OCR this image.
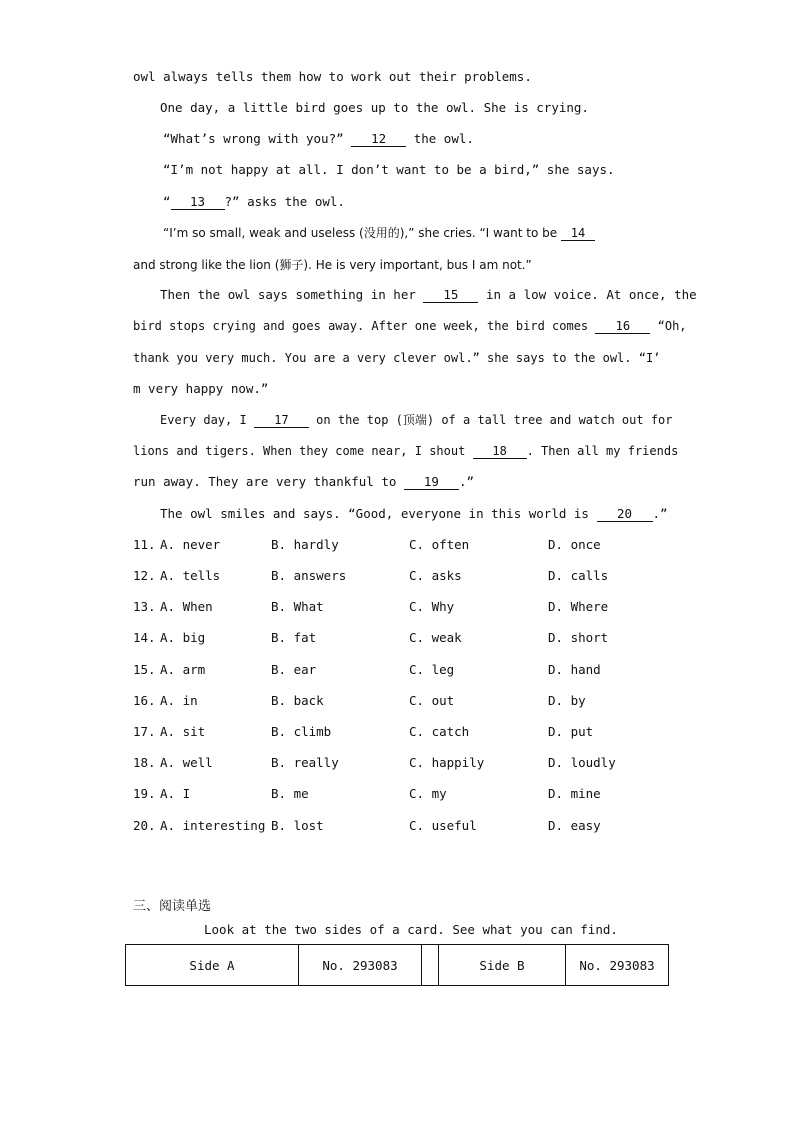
owl always tells them how to work out their problems.
One day, a little bird goes up to the owl. She is crying.
“What’s wrong with you?” 12 the owl.
“I’m not happy at all. I don’t want to be a bird,” she says.
“ 13 ?” asks the owl.
“I’m so small, weak and useless (没用的),” she cries. “I want to be 14
and strong like the lion (狮子). He is very important, bus I am not.”
Then the owl says something in her 15 in a low voice. At once, the
bird stops crying and goes away. After one week, the bird comes 16 “Oh,
thank you very much. You are a very clever owl.” she says to the owl. “I’
m very happy now.”
Every day, I 17 on the top (顶端) of a tall tree and watch out for
lions and tigers. When they come near, I shout 18 . Then all my friends
run away. They are very thankful to 19 .”
The owl smiles and says. “Good, everyone in this world is 20 .”
11. A. never	B. hardly	C. often	D. once
12. A. tells	B. answers	C. asks	D. calls
13. A. When	B. What	C. Why	D. Where
14. A. big	B. fat	C. weak	D. short
15. A. arm	B. ear	C. leg	D. hand
16. A. in	B. back	C. out	D. by
17. A. sit	B. climb	C. catch	D. put
18. A. well	B. really	C. happily	D. loudly
19. A. I	B. me	C. my	D. mine
20. A. interesting B. lost	C. useful	D. easy
三、阅读单选
Look at the two sides of a card. See what you can find.
Side A	No. 293083		Side B	No. 293083
